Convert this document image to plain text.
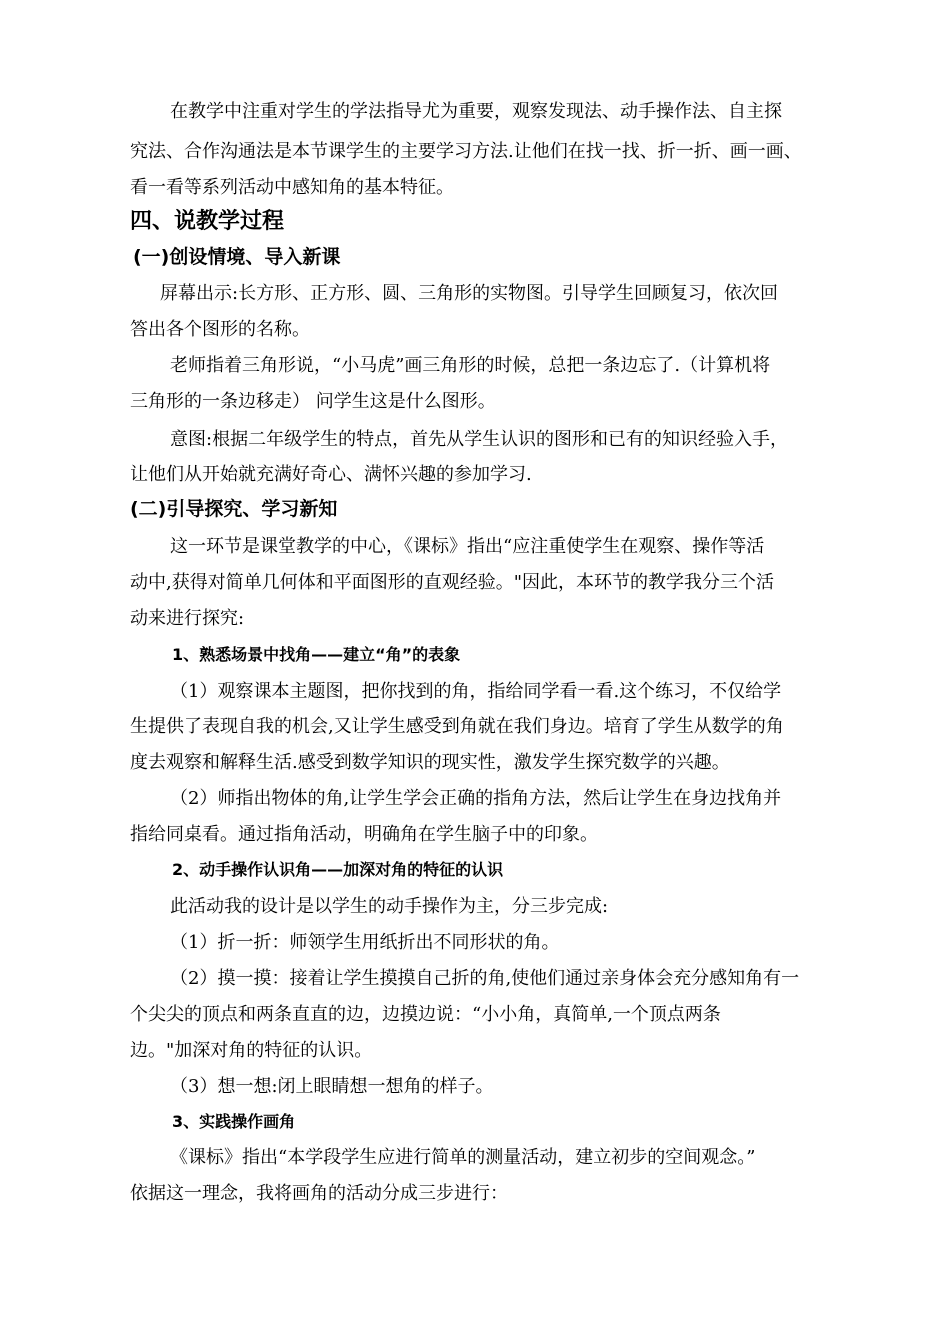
在教学中注重对学生的学法指导尤为重要，观察发现法、动手操作法、自主探
究法、合作沟通法是本节课学生的主要学习方法.让他们在找一找、折一折、画一画、
看一看等系列活动中感知角的基本特征。
四、说教学过程
(一)创设情境、导入新课
屏幕出示:长方形、正方形、圆、三角形的实物图。引导学生回顾复习，依次回
答出各个图形的名称。
老师指着三角形说，“小马虎”画三角形的时候，总把一条边忘了.（计算机将
三角形的一条边移走） 问学生这是什么图形。
意图:根据二年级学生的特点，首先从学生认识的图形和已有的知识经验入手，
让他们从开始就充满好奇心、满怀兴趣的参加学习.
(二)引导探究、学习新知
这一环节是课堂教学的中心，《课标》指出“应注重使学生在观察、操作等活
动中,获得对简单几何体和平面图形的直观经验。"因此，本环节的教学我分三个活
动来进行探究:
1、熟悉场景中找角——建立“角”的表象
（1）观察课本主题图，把你找到的角，指给同学看一看.这个练习，不仅给学
生提供了表现自我的机会,又让学生感受到角就在我们身边。培育了学生从数学的角
度去观察和解释生活.感受到数学知识的现实性，激发学生探究数学的兴趣。
（2）师指出物体的角,让学生学会正确的指角方法，然后让学生在身边找角并
指给同桌看。通过指角活动，明确角在学生脑子中的印象。
2、动手操作认识角——加深对角的特征的认识
此活动我的设计是以学生的动手操作为主，分三步完成:
（1）折一折：师领学生用纸折出不同形状的角。
（2）摸一摸：接着让学生摸摸自己折的角,使他们通过亲身体会充分感知角有一
个尖尖的顶点和两条直直的边，边摸边说：“小小角，真简单,一个顶点两条
边。"加深对角的特征的认识。
（3）想一想:闭上眼睛想一想角的样子。
3、实践操作画角
《课标》指出“本学段学生应进行简单的测量活动，建立初步的空间观念。”
依据这一理念，我将画角的活动分成三步进行：
